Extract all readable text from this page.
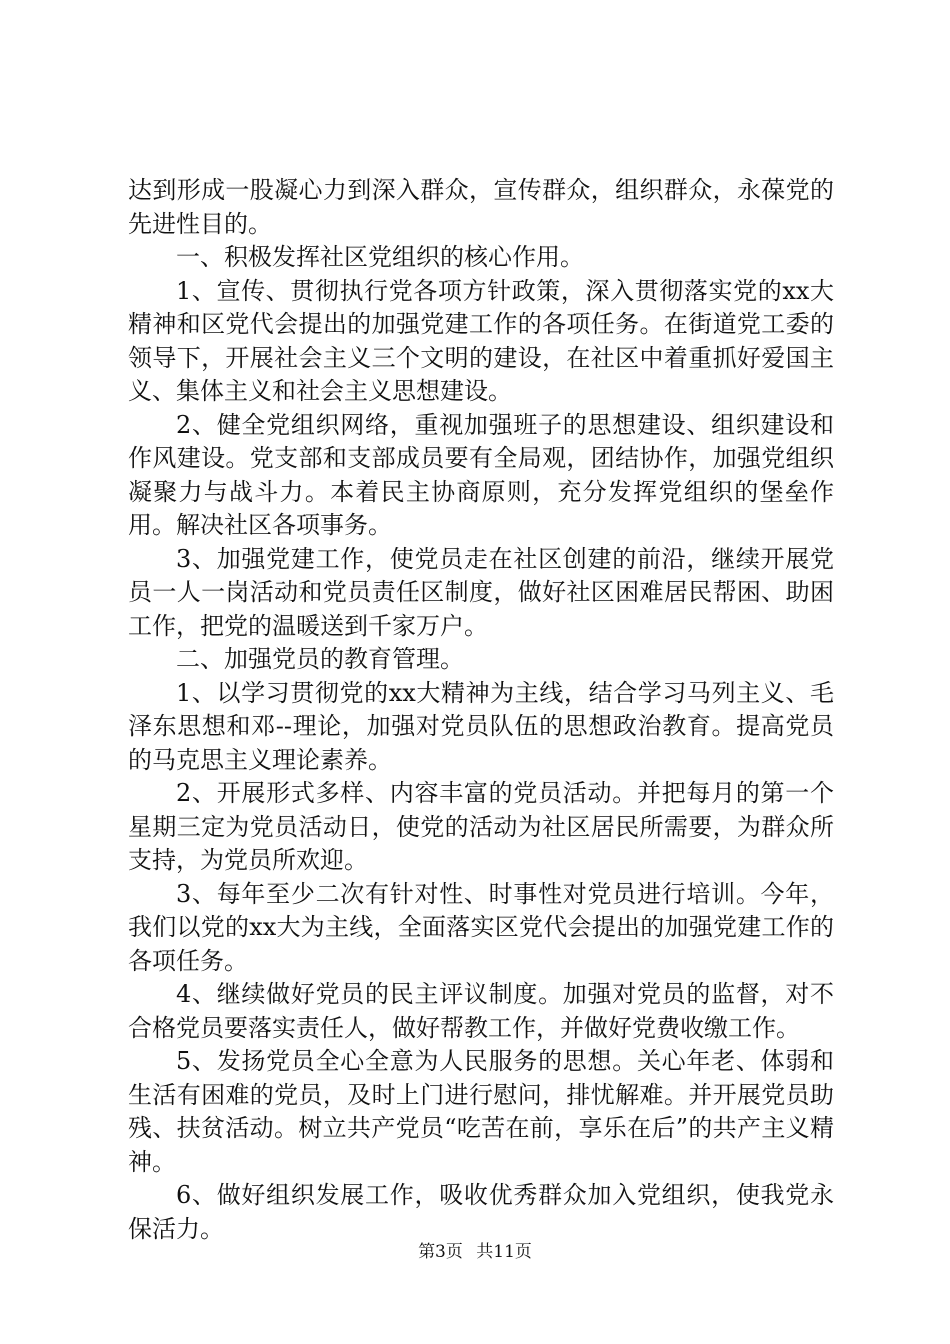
达到形成一股凝心力到深入群众，宣传群众，组织群众，永葆党的先进性目的。

一、积极发挥社区党组织的核心作用。

1、宣传、贯彻执行党各项方针政策，深入贯彻落实党的xx大精神和区党代会提出的加强党建工作的各项任务。在街道党工委的领导下，开展社会主义三个文明的建设，在社区中着重抓好爱国主义、集体主义和社会主义思想建设。

2、健全党组织网络，重视加强班子的思想建设、组织建设和作风建设。党支部和支部成员要有全局观，团结协作，加强党组织凝聚力与战斗力。本着民主协商原则，充分发挥党组织的堡垒作用。解决社区各项事务。

3、加强党建工作，使党员走在社区创建的前沿，继续开展党员一人一岗活动和党员责任区制度，做好社区困难居民帮困、助困工作，把党的温暖送到千家万户。

二、加强党员的教育管理。

1、以学习贯彻党的xx大精神为主线，结合学习马列主义、毛泽东思想和邓--理论，加强对党员队伍的思想政治教育。提高党员的马克思主义理论素养。

2、开展形式多样、内容丰富的党员活动。并把每月的第一个星期三定为党员活动日，使党的活动为社区居民所需要，为群众所支持，为党员所欢迎。

3、每年至少二次有针对性、时事性对党员进行培训。今年，我们以党的xx大为主线，全面落实区党代会提出的加强党建工作的各项任务。

4、继续做好党员的民主评议制度。加强对党员的监督，对不合格党员要落实责任人，做好帮教工作，并做好党费收缴工作。

5、发扬党员全心全意为人民服务的思想。关心年老、体弱和生活有困难的党员，及时上门进行慰问，排忧解难。并开展党员助残、扶贫活动。树立共产党员“吃苦在前，享乐在后”的共产主义精神。

6、做好组织发展工作，吸收优秀群众加入党组织，使我党永保活力。

第3页 共11页
